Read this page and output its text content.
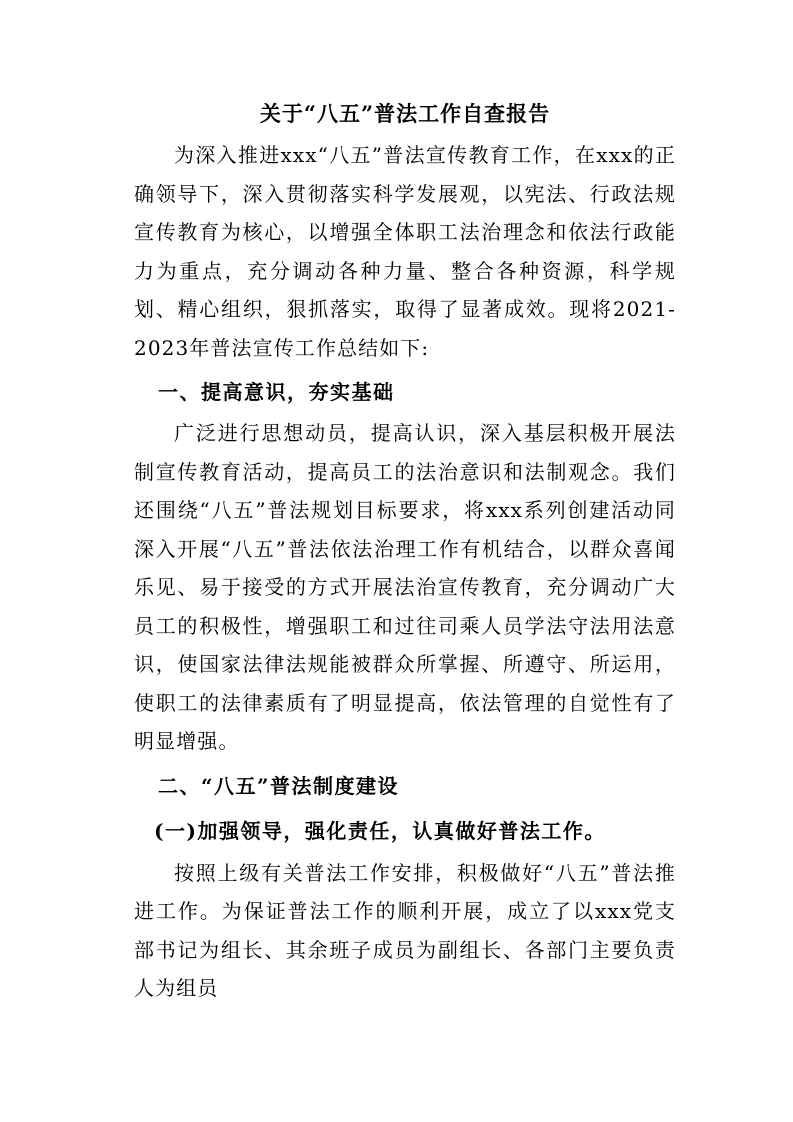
关于“八五”普法工作自查报告

为深入推进xxx“八五”普法宣传教育工作，在xxx的正确领导下，深入贯彻落实科学发展观，以宪法、行政法规宣传教育为核心，以增强全体职工法治理念和依法行政能力为重点，充分调动各种力量、整合各种资源，科学规划、精心组织，狠抓落实，取得了显著成效。现将2021-2023年普法宣传工作总结如下:

一、提高意识，夯实基础

广泛进行思想动员，提高认识，深入基层积极开展法制宣传教育活动，提高员工的法治意识和法制观念。我们还围绕“八五”普法规划目标要求，将xxx系列创建活动同深入开展“八五”普法依法治理工作有机结合，以群众喜闻乐见、易于接受的方式开展法治宣传教育，充分调动广大员工的积极性，增强职工和过往司乘人员学法守法用法意识，使国家法律法规能被群众所掌握、所遵守、所运用，使职工的法律素质有了明显提高，依法管理的自觉性有了明显增强。

二、“八五”普法制度建设
(一)加强领导，强化责任，认真做好普法工作。

按照上级有关普法工作安排，积极做好“八五”普法推进工作。为保证普法工作的顺利开展，成立了以xxx党支部书记为组长、其余班子成员为副组长、各部门主要负责人为组员
